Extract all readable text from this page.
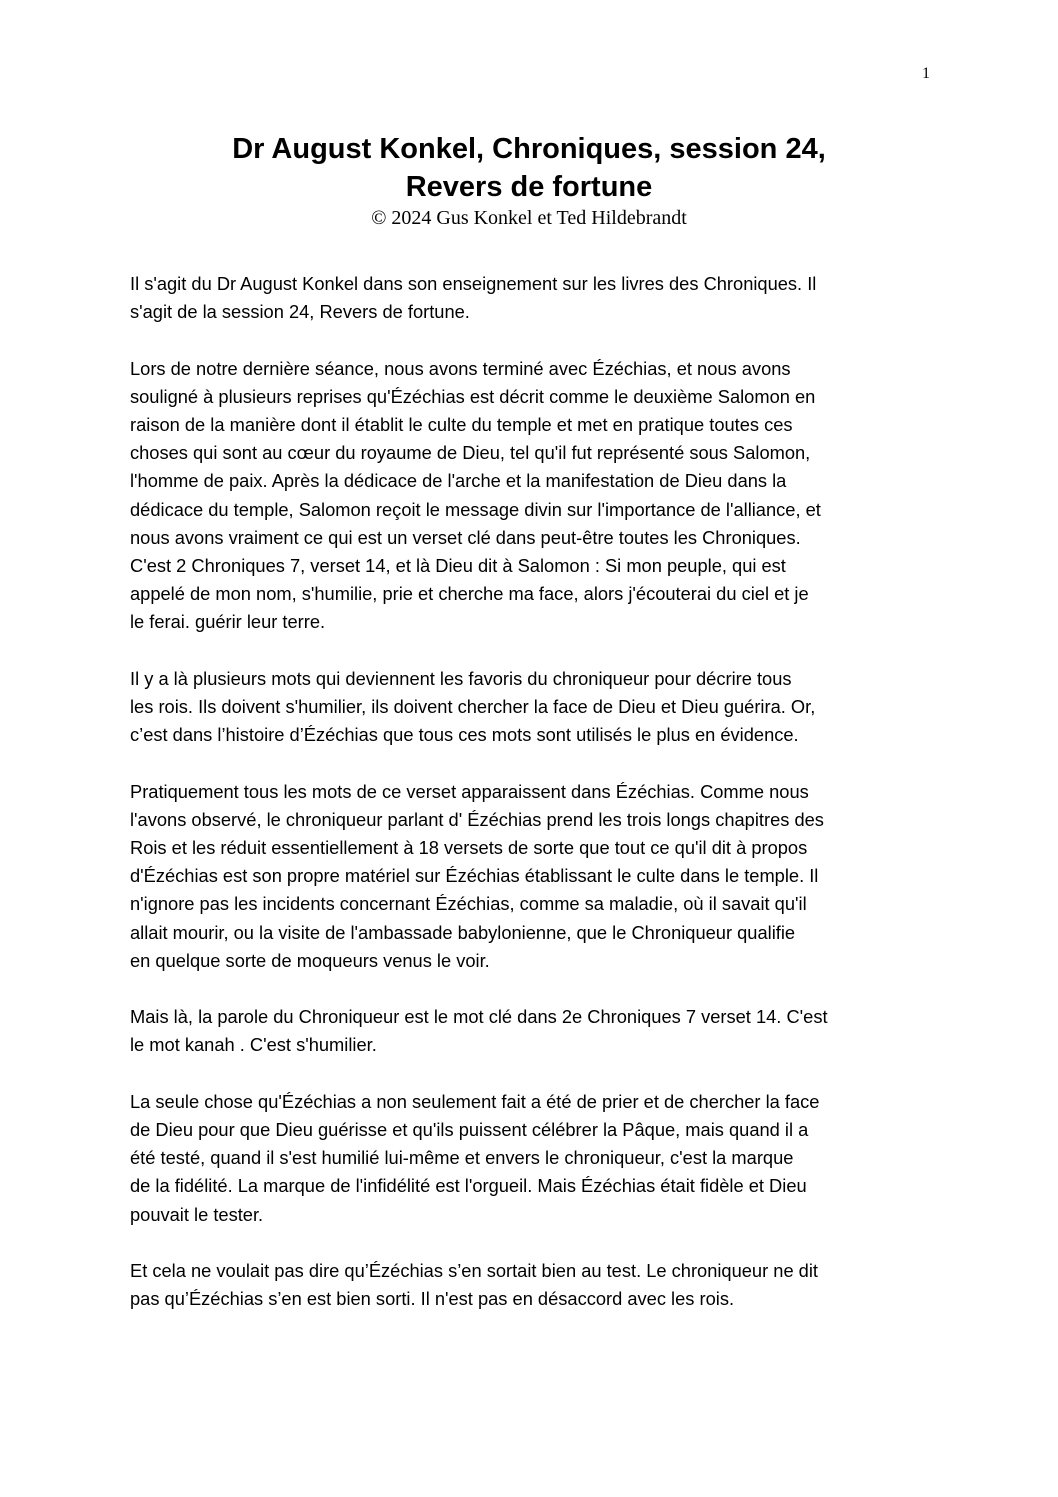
1
Dr August Konkel, Chroniques, session 24,
Revers de fortune
© 2024 Gus Konkel et Ted Hildebrandt
Il s'agit du Dr August Konkel dans son enseignement sur les livres des Chroniques. Il
s'agit de la session 24, Revers de fortune.
Lors de notre dernière séance, nous avons terminé avec Ézéchias, et nous avons
souligné à plusieurs reprises qu'Ézéchias est décrit comme le deuxième Salomon en
raison de la manière dont il établit le culte du temple et met en pratique toutes ces
choses qui sont au cœur du royaume de Dieu, tel qu'il fut représenté sous Salomon,
l'homme de paix. Après la dédicace de l'arche et la manifestation de Dieu dans la
dédicace du temple, Salomon reçoit le message divin sur l'importance de l'alliance, et
nous avons vraiment ce qui est un verset clé dans peut-être toutes les Chroniques.
C'est 2 Chroniques 7, verset 14, et là Dieu dit à Salomon : Si mon peuple, qui est
appelé de mon nom, s'humilie, prie et cherche ma face, alors j'écouterai du ciel et je
le ferai. guérir leur terre.
Il y a là plusieurs mots qui deviennent les favoris du chroniqueur pour décrire tous
les rois. Ils doivent s'humilier, ils doivent chercher la face de Dieu et Dieu guérira. Or,
c’est dans l’histoire d’Ézéchias que tous ces mots sont utilisés le plus en évidence.
Pratiquement tous les mots de ce verset apparaissent dans Ézéchias. Comme nous
l'avons observé, le chroniqueur parlant d' Ézéchias prend les trois longs chapitres des
Rois et les réduit essentiellement à 18 versets de sorte que tout ce qu'il dit à propos
d'Ézéchias est son propre matériel sur Ézéchias établissant le culte dans le temple. Il
n'ignore pas les incidents concernant Ézéchias, comme sa maladie, où il savait qu'il
allait mourir, ou la visite de l'ambassade babylonienne, que le Chroniqueur qualifie
en quelque sorte de moqueurs venus le voir.
Mais là, la parole du Chroniqueur est le mot clé dans 2e Chroniques 7 verset 14. C'est
le mot kanah . C'est s'humilier.
La seule chose qu'Ézéchias a non seulement fait a été de prier et de chercher la face
de Dieu pour que Dieu guérisse et qu'ils puissent célébrer la Pâque, mais quand il a
été testé, quand il s'est humilié lui-même et envers le chroniqueur, c'est la marque
de la fidélité. La marque de l'infidélité est l'orgueil. Mais Ézéchias était fidèle et Dieu
pouvait le tester.
Et cela ne voulait pas dire qu’Ézéchias s’en sortait bien au test. Le chroniqueur ne dit
pas qu’Ézéchias s’en est bien sorti. Il n'est pas en désaccord avec les rois.
